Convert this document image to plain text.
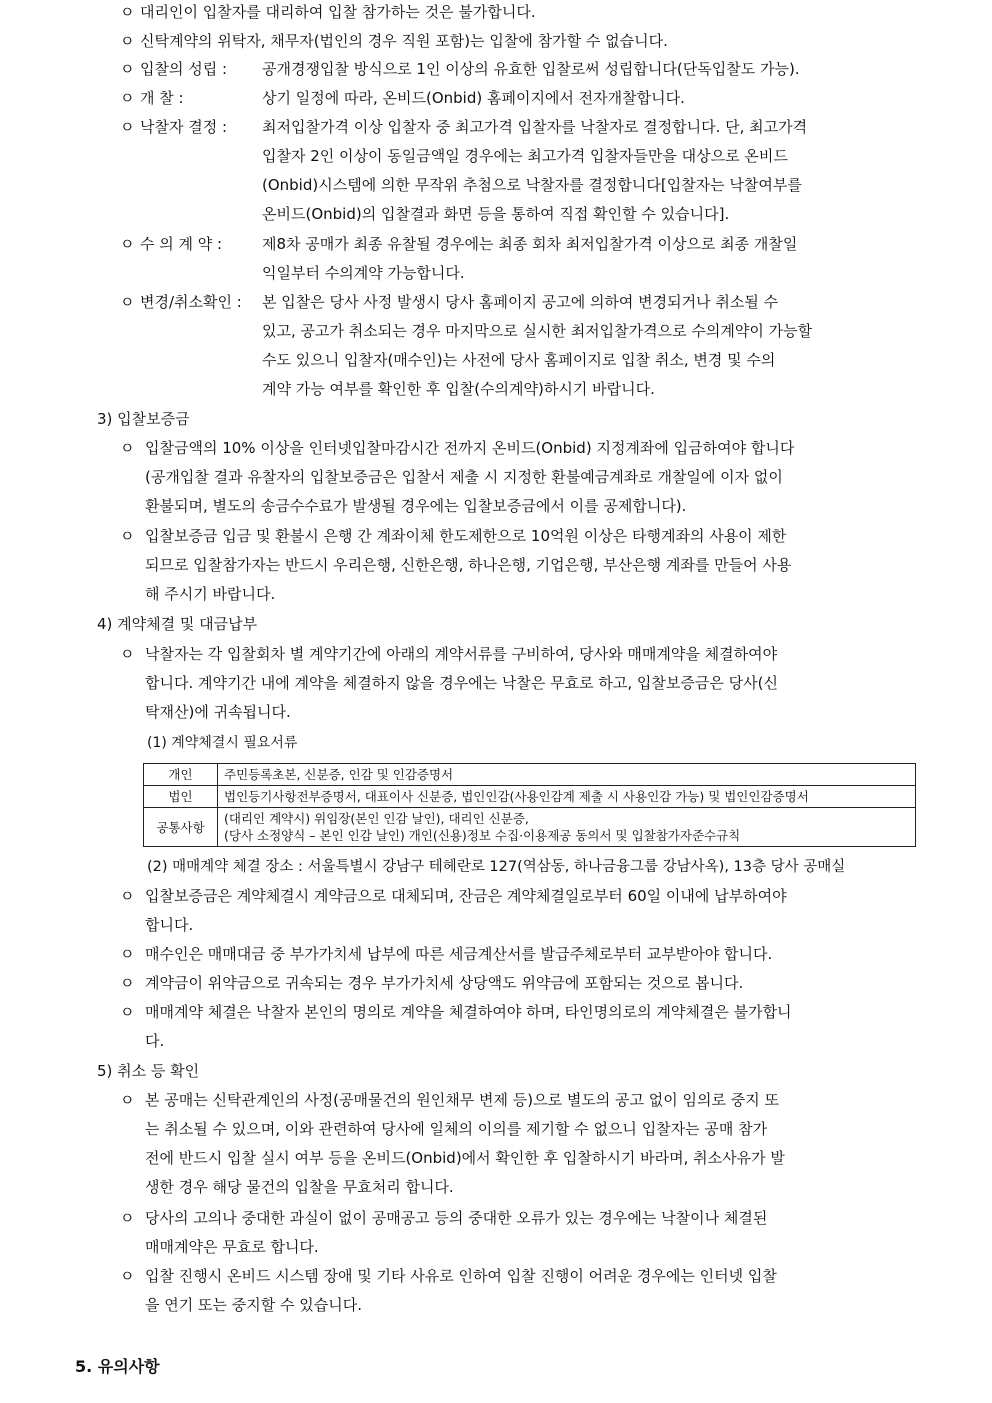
ㅇ 대리인이 입찰자를 대리하여 입찰 참가하는 것은 불가합니다.
ㅇ 신탁계약의 위탁자, 채무자(법인의 경우 직원 포함)는 입찰에 참가할 수 없습니다.
ㅇ 입찰의 성립 : 공개경쟁입찰 방식으로 1인 이상의 유효한 입찰로써 성립합니다(단독입찰도 가능).
ㅇ 개 찰 :	상기 일정에 따라, 온비드(Onbid) 홈페이지에서 전자개찰합니다.
ㅇ 낙찰자 결정 : 최저입찰가격 이상 입찰자 중 최고가격 입찰자를 낙찰자로 결정합니다. 단, 최고가격
입찰자 2인 이상이 동일금액일 경우에는 최고가격 입찰자들만을 대상으로 온비드
(Onbid)시스템에 의한 무작위 추첨으로 낙찰자를 결정합니다[입찰자는 낙찰여부를
온비드(Onbid)의 입찰결과 화면 등을 통하여 직접 확인할 수 있습니다].
ㅇ 수 의 계 약 :	제8차 공매가 최종 유찰될 경우에는 최종 회차 최저입찰가격 이상으로 최종 개찰일
익일부터 수의계약 가능합니다.
ㅇ 변경/취소확인 : 본 입찰은 당사 사정 발생시 당사 홈페이지 공고에 의하여 변경되거나 취소될 수
있고, 공고가 취소되는 경우 마지막으로 실시한 최저입찰가격으로 수의계약이 가능할
수도 있으니 입찰자(매수인)는 사전에 당사 홈페이지로 입찰 취소, 변경 및 수의
계약 가능 여부를 확인한 후 입찰(수의계약)하시기 바랍니다.
3) 입찰보증금
ㅇ 입찰금액의 10% 이상을 인터넷입찰마감시간 전까지 온비드(Onbid) 지정계좌에 입금하여야 합니다
(공개입찰 결과 유찰자의 입찰보증금은 입찰서 제출 시 지정한 환불예금계좌로 개찰일에 이자 없이
환불되며, 별도의 송금수수료가 발생될 경우에는 입찰보증금에서 이를 공제합니다).
ㅇ 입찰보증금 입금 및 환불시 은행 간 계좌이체 한도제한으로 10억원 이상은 타행계좌의 사용이 제한
되므로 입찰참가자는 반드시 우리은행, 신한은행, 하나은행, 기업은행, 부산은행 계좌를 만들어 사용
해 주시기 바랍니다.
4) 계약체결 및 대금납부
ㅇ 낙찰자는 각 입찰회차 별 계약기간에 아래의 계약서류를 구비하여, 당사와 매매계약을 체결하여야
합니다. 계약기간 내에 계약을 체결하지 않을 경우에는 낙찰은 무효로 하고, 입찰보증금은 당사(신
탁재산)에 귀속됩니다.
(1) 계약체결시 필요서류
개인	주민등록초본, 신분증, 인감 및 인감증명서
법인	법인등기사항전부증명서, 대표이사 신분증, 법인인감(사용인감계 제출 시 사용인감 가능) 및 법인인감증명서
공통사항	(대리인 계약시) 위임장(본인 인감 날인), 대리인 신분증,
(당사 소정양식 – 본인 인감 날인) 개인(신용)정보 수집·이용제공 동의서 및 입찰참가자준수규칙
(2) 매매계약 체결 장소 : 서울특별시 강남구 테헤란로 127(역삼동, 하나금융그룹 강남사옥), 13층 당사 공매실
ㅇ 입찰보증금은 계약체결시 계약금으로 대체되며, 잔금은 계약체결일로부터 60일 이내에 납부하여야
합니다.
ㅇ 매수인은 매매대금 중 부가가치세 납부에 따른 세금계산서를 발급주체로부터 교부받아야 합니다.
ㅇ 계약금이 위약금으로 귀속되는 경우 부가가치세 상당액도 위약금에 포함되는 것으로 봅니다.
ㅇ 매매계약 체결은 낙찰자 본인의 명의로 계약을 체결하여야 하며, 타인명의로의 계약체결은 불가합니
다.
5) 취소 등 확인
ㅇ 본 공매는 신탁관계인의 사정(공매물건의 원인채무 변제 등)으로 별도의 공고 없이 임의로 중지 또
는 취소될 수 있으며, 이와 관련하여 당사에 일체의 이의를 제기할 수 없으니 입찰자는 공매 참가
전에 반드시 입찰 실시 여부 등을 온비드(Onbid)에서 확인한 후 입찰하시기 바라며, 취소사유가 발
생한 경우 해당 물건의 입찰을 무효처리 합니다.
ㅇ 당사의 고의나 중대한 과실이 없이 공매공고 등의 중대한 오류가 있는 경우에는 낙찰이나 체결된
매매계약은 무효로 합니다.
ㅇ 입찰 진행시 온비드 시스템 장애 및 기타 사유로 인하여 입찰 진행이 어려운 경우에는 인터넷 입찰
을 연기 또는 중지할 수 있습니다.
5. 유의사항
